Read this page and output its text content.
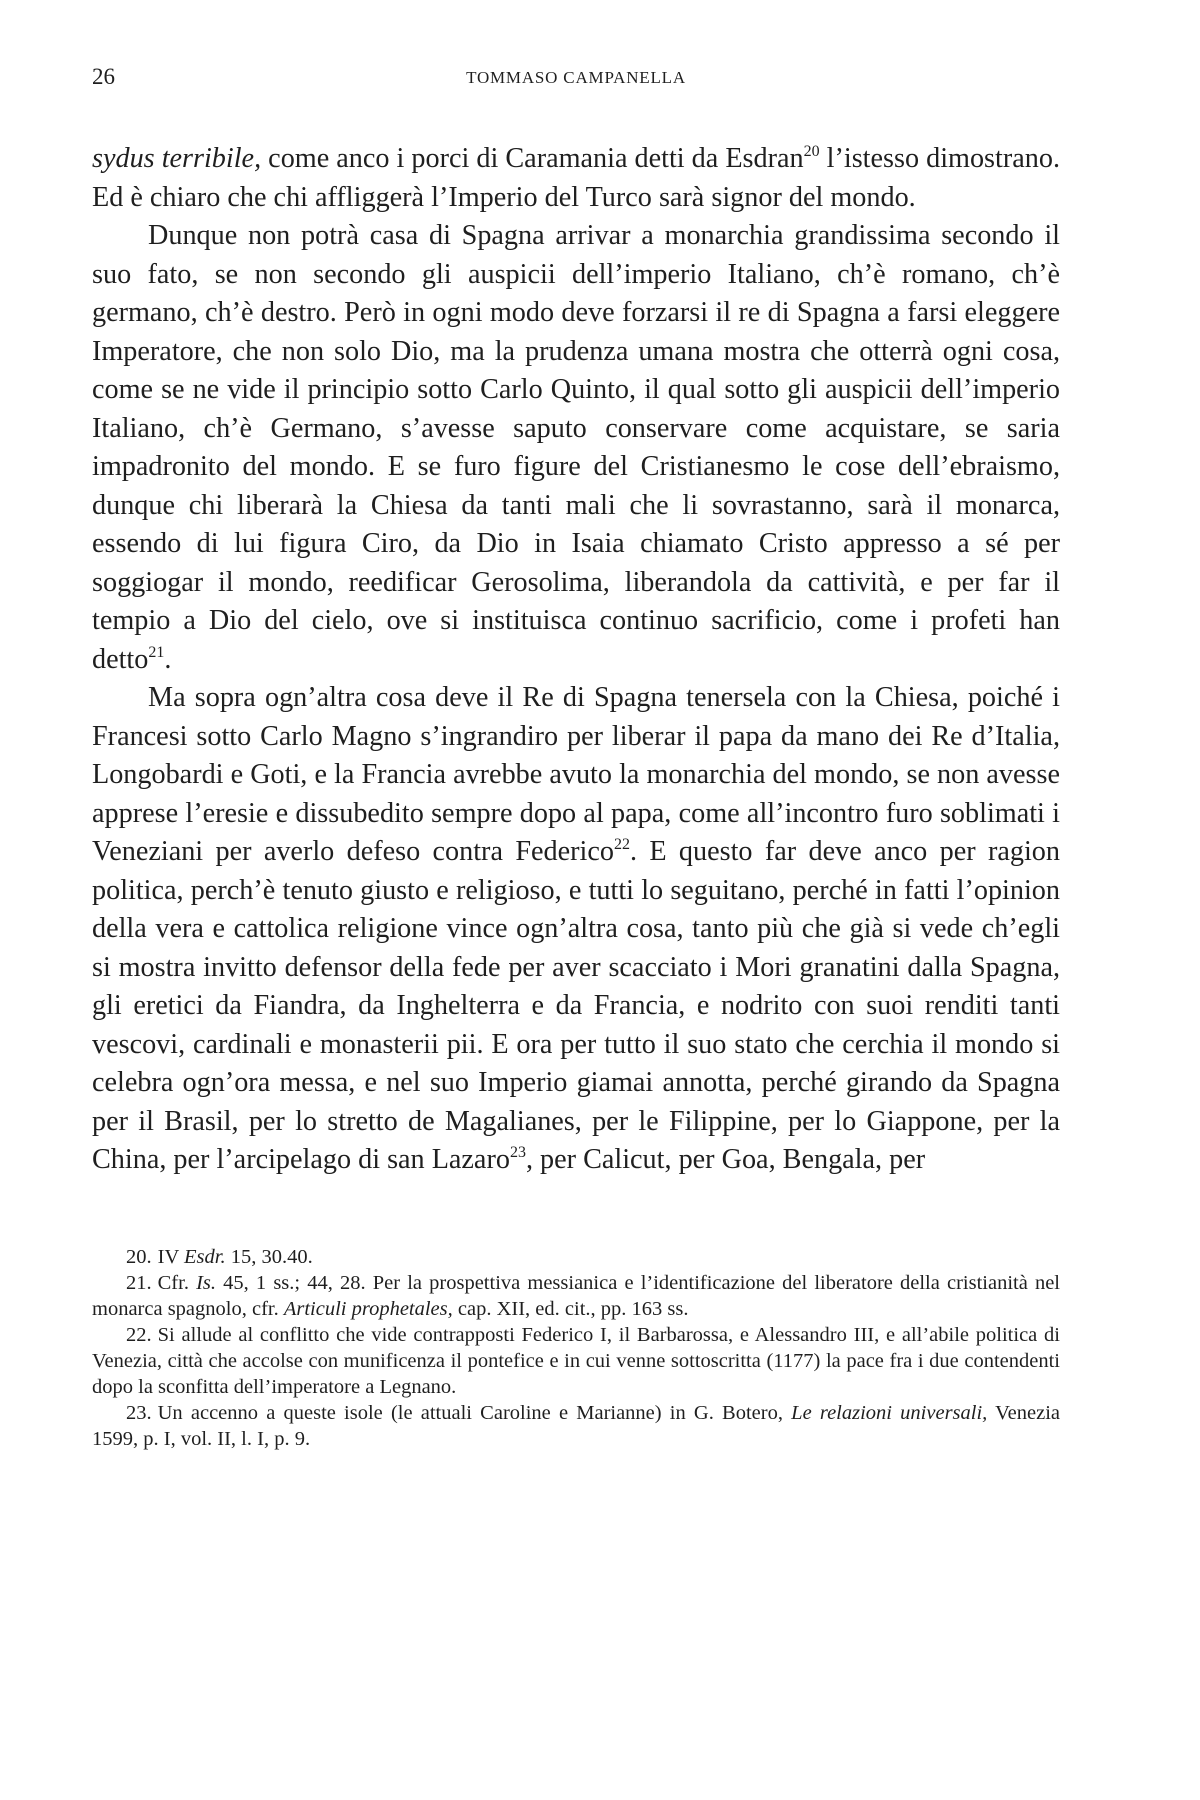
26	TOMMASO CAMPANELLA

sydus terribile, come anco i porci di Caramania detti da Esdran$^{20}$ l’istesso dimostrano. Ed è chiaro che chi affliggerà l’Imperio del Turco sarà signor del mondo.

Dunque non potrà casa di Spagna arrivar a monarchia grandissima secondo il suo fato, se non secondo gli auspicii dell’imperio Italiano, ch’è romano, ch’è germano, ch’è destro. Però in ogni modo deve forzarsi il re di Spagna a farsi eleggere Imperatore, che non solo Dio, ma la prudenza umana mostra che otterrà ogni cosa, come se ne vide il principio sotto Carlo Quinto, il qual sotto gli auspicii dell’imperio Italiano, ch’è Germano, s’avesse saputo conservare come acquistare, se saria impadronito del mondo. E se furo figure del Cristianesmo le cose dell’ebraismo, dunque chi liberarà la Chiesa da tanti mali che li sovrastanno, sarà il monarca, essendo di lui figura Ciro, da Dio in Isaia chiamato Cristo appresso a sé per soggiogar il mondo, reedificar Gerosolima, liberandola da cattività, e per far il tempio a Dio del cielo, ove si instituisca continuo sacrificio, come i profeti han detto$^{21}$.

Ma sopra ogn’altra cosa deve il Re di Spagna tenersela con la Chiesa, poiché i Francesi sotto Carlo Magno s’ingrandiro per liberar il papa da mano dei Re d’Italia, Longobardi e Goti, e la Francia avrebbe avuto la monarchia del mondo, se non avesse apprese l’eresie e dissubedito sempre dopo al papa, come all’incontro furo soblimati i Veneziani per averlo defeso contra Federico$^{22}$. E questo far deve anco per ragion politica, perch’è tenuto giusto e religioso, e tutti lo seguitano, perché in fatti l’opinion della vera e cattolica religione vince ogn’altra cosa, tanto più che già si vede ch’egli si mostra invitto defensor della fede per aver scacciato i Mori granatini dalla Spagna, gli eretici da Fiandra, da Inghelterra e da Francia, e nodrito con suoi renditi tanti vescovi, cardinali e monasterii pii. E ora per tutto il suo stato che cerchia il mondo si celebra ogn’ora messa, e nel suo Imperio giamai annotta, perché girando da Spagna per il Brasil, per lo stretto de Magalianes, per le Filippine, per lo Giappone, per la China, per l’arcipelago di san Lazaro$^{23}$, per Calicut, per Goa, Bengala, per

20. IV Esdr. 15, 30.40.

21. Cfr. Is. 45, 1 ss.; 44, 28. Per la prospettiva messianica e l’identificazione del liberatore della cristianità nel monarca spagnolo, cfr. Articuli prophetales, cap. XII, ed. cit., pp. 163 ss.

22. Si allude al conflitto che vide contrapposti Federico I, il Barbarossa, e Alessandro III, e all’abile politica di Venezia, città che accolse con munificenza il pontefice e in cui venne sottoscritta (1177) la pace fra i due contendenti dopo la sconfitta dell’imperatore a Legnano.

23. Un accenno a queste isole (le attuali Caroline e Marianne) in G. Botero, Le relazioni universali, Venezia 1599, p. I, vol. II, l. I, p. 9.
